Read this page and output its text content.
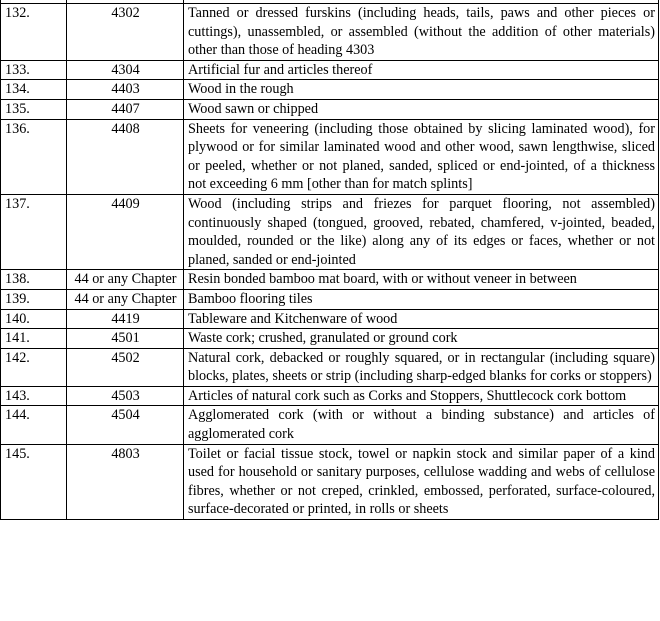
132.	4302	Tanned or dressed furskins (including heads, tails, paws and other pieces or cuttings), unassembled, or assembled (without the addition of other materials) other than those of heading 4303
133.	4304	Artificial fur and articles thereof
134.	4403	Wood in the rough
135.	4407	Wood sawn or chipped
136.	4408	Sheets for veneering (including those obtained by slicing laminated wood), for plywood or for similar laminated wood and other wood, sawn lengthwise, sliced or peeled, whether or not planed, sanded, spliced or end-jointed, of a thickness not exceeding 6 mm [other than for match splints]
137.	4409	Wood (including strips and friezes for parquet flooring, not assembled) continuously shaped (tongued, grooved, rebated, chamfered, v-jointed, beaded, moulded, rounded or the like) along any of its edges or faces, whether or not planed, sanded or end-jointed
138.	44 or any Chapter	Resin bonded bamboo mat board, with or without veneer in between
139.	44 or any Chapter	Bamboo flooring tiles
140.	4419	Tableware and Kitchenware of wood
141.	4501	Waste cork; crushed, granulated or ground cork
142.	4502	Natural cork, debacked or roughly squared, or in rectangular (including square) blocks, plates, sheets or strip (including sharp-edged blanks for corks or stoppers)
143.	4503	Articles of natural cork such as Corks and Stoppers, Shuttlecock cork bottom
144.	4504	Agglomerated cork (with or without a binding substance) and articles of agglomerated cork
145.	4803	Toilet or facial tissue stock, towel or napkin stock and similar paper of a kind used for household or sanitary purposes, cellulose wadding and webs of cellulose fibres, whether or not creped, crinkled, embossed, perforated, surface-coloured, surface-decorated or printed, in rolls or sheets
